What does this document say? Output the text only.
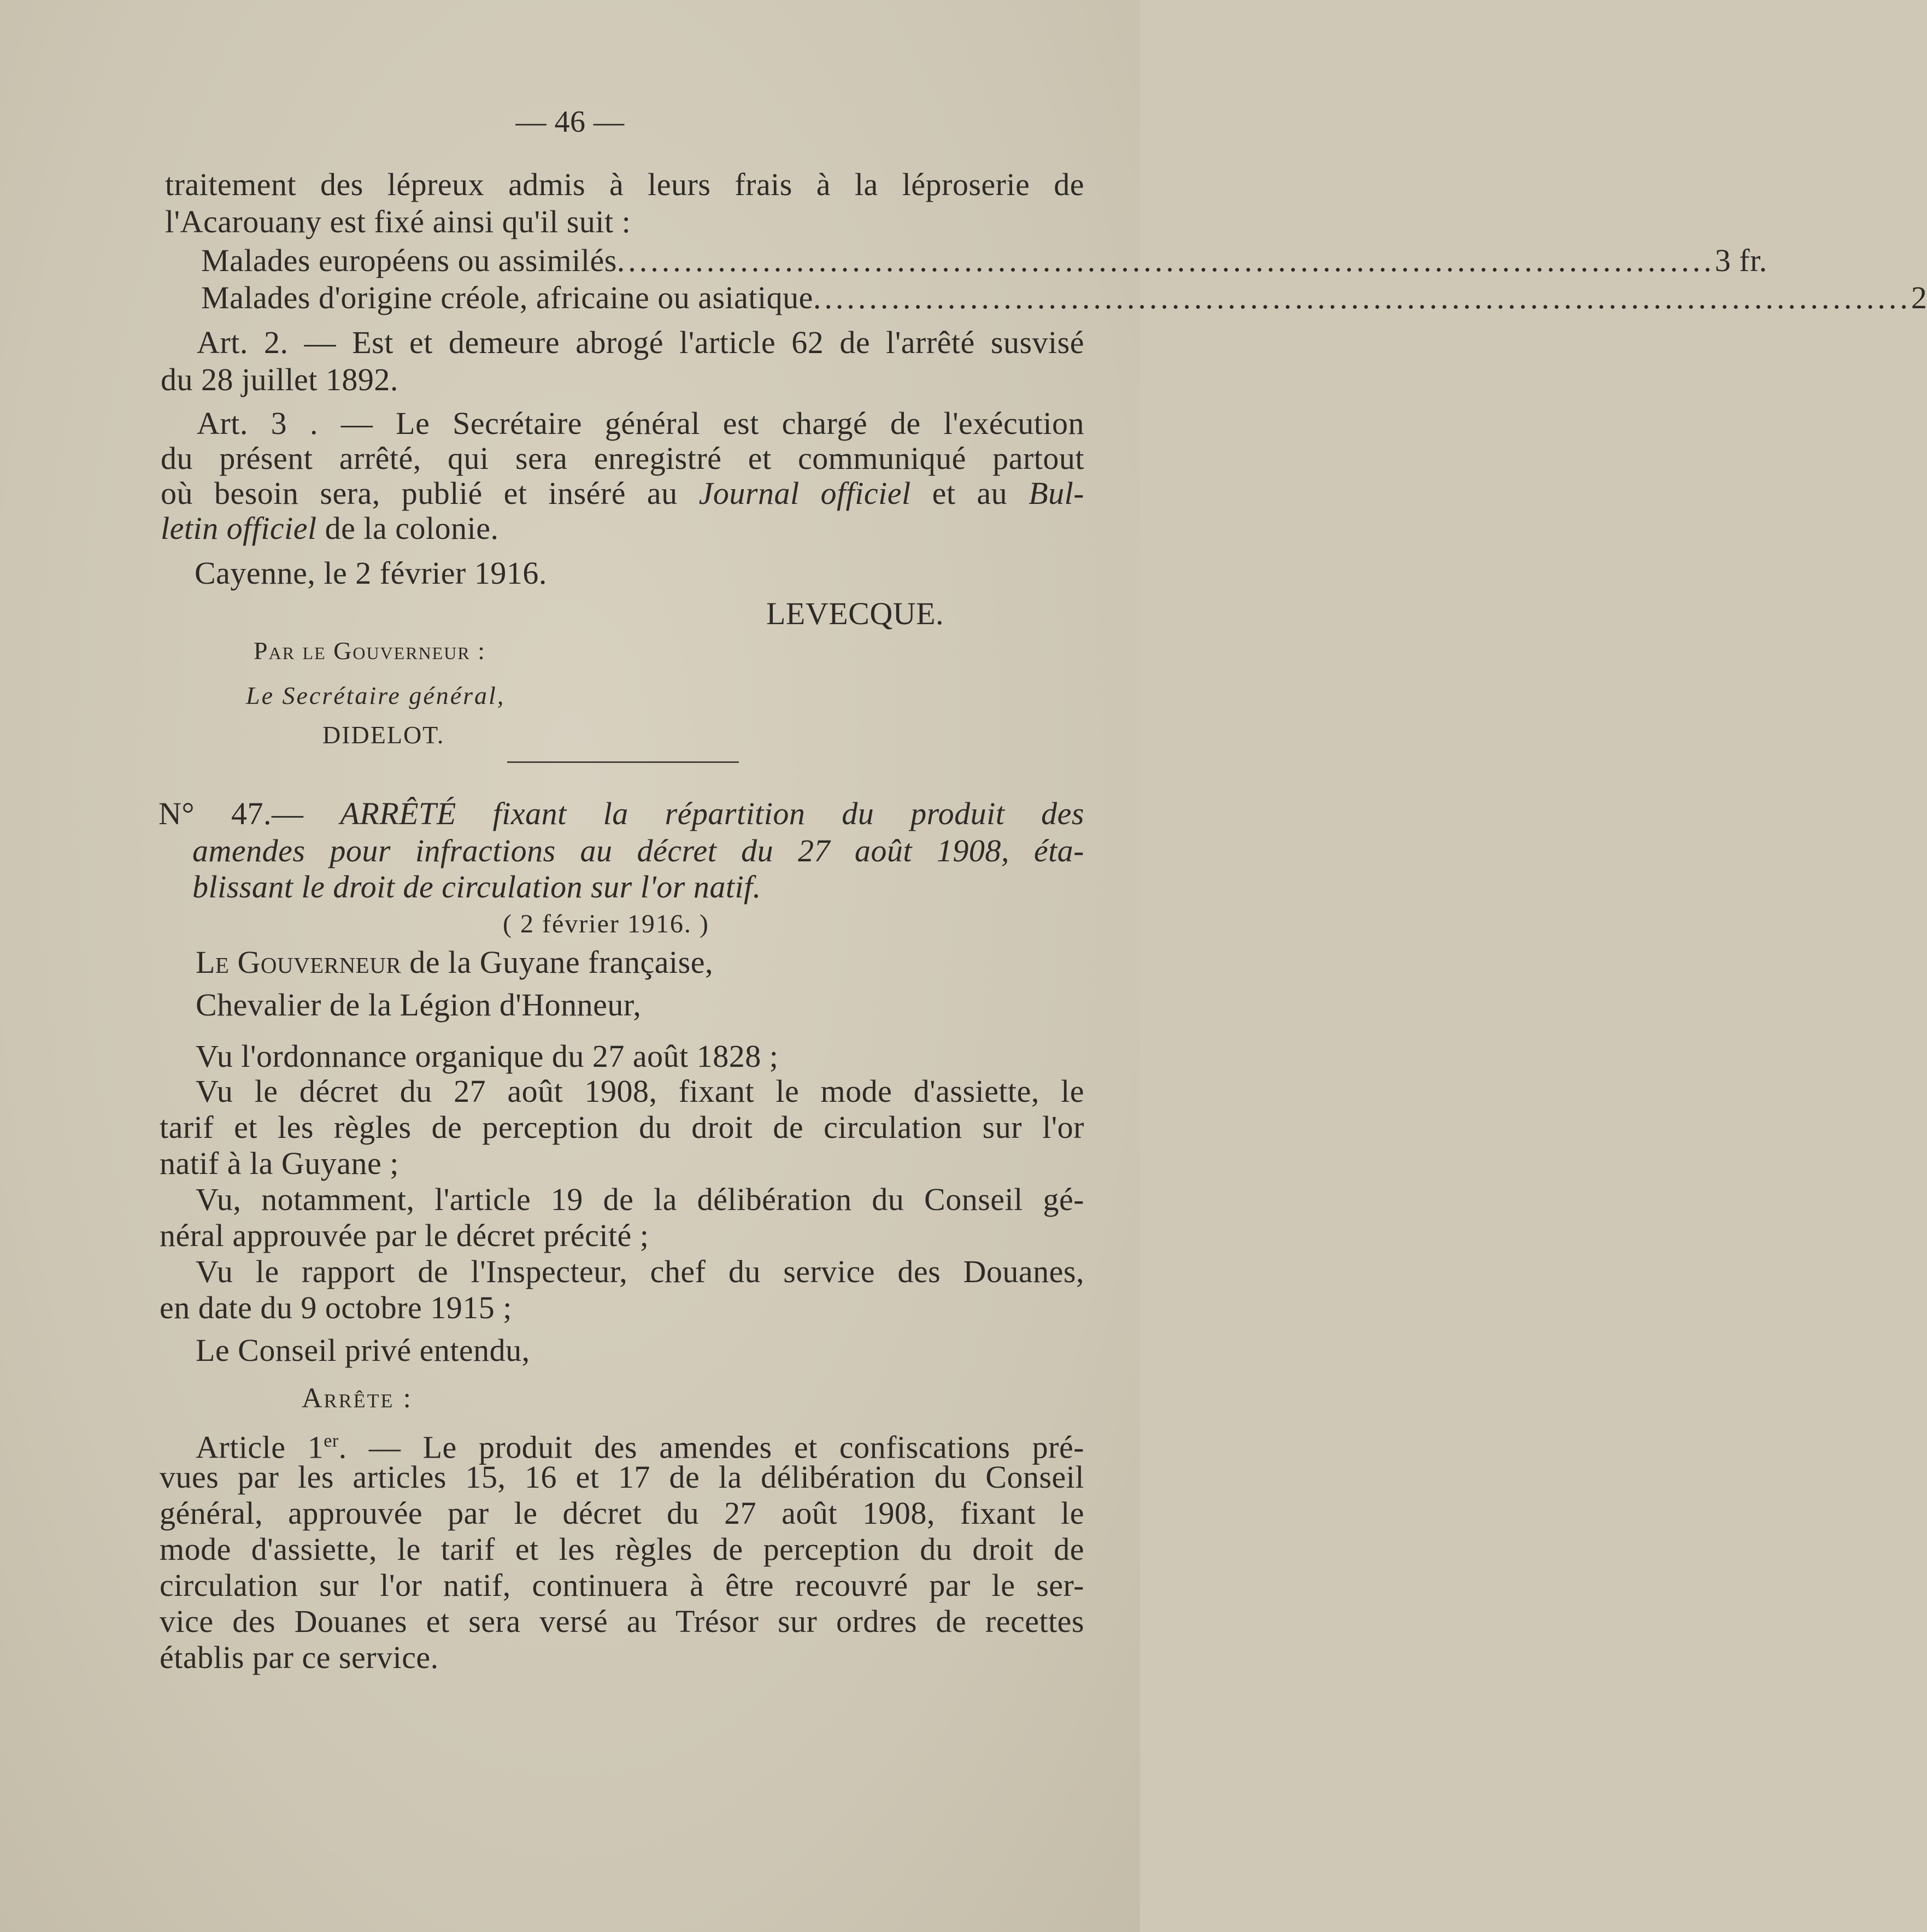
— 46 —
traitement des lépreux admis à leurs frais à la léproserie de
l'Acarouany est fixé ainsi qu'il suit :
Malades européens ou assimilés .................................................................................................. 3 fr.
Malades d'origine créole, africaine ou asiatique .................................................................................................. 2
Art. 2. — Est et demeure abrogé l'article 62 de l'arrêté susvisé
du 28 juillet 1892.
Art. 3 . — Le Secrétaire général est chargé de l'exécution
du présent arrêté, qui sera enregistré et communiqué partout
où besoin sera, publié et inséré au Journal officiel et au Bul-
letin officiel de la colonie.
Cayenne, le 2 février 1916.
LEVECQUE.
Par le Gouverneur :
Le Secrétaire général,
DIDELOT.
N° 47.— ARRÊTÉ fixant la répartition du produit des
amendes pour infractions au décret du 27 août 1908, éta-
blissant le droit de circulation sur l'or natif.
( 2 février 1916. )
Le Gouverneur de la Guyane française,
Chevalier de la Légion d'Honneur,
Vu l'ordonnance organique du 27 août 1828 ;
Vu le décret du 27 août 1908, fixant le mode d'assiette, le
tarif et les règles de perception du droit de circulation sur l'or
natif à la Guyane ;
Vu, notamment, l'article 19 de la délibération du Conseil gé-
néral approuvée par le décret précité ;
Vu le rapport de l'Inspecteur, chef du service des Douanes,
en date du 9 octobre 1915 ;
Le Conseil privé entendu,
Arrête :
Article 1er. — Le produit des amendes et confiscations pré-
vues par les articles 15, 16 et 17 de la délibération du Conseil
général, approuvée par le décret du 27 août 1908, fixant le
mode d'assiette, le tarif et les règles de perception du droit de
circulation sur l'or natif, continuera à être recouvré par le ser-
vice des Douanes et sera versé au Trésor sur ordres de recettes
établis par ce service.
